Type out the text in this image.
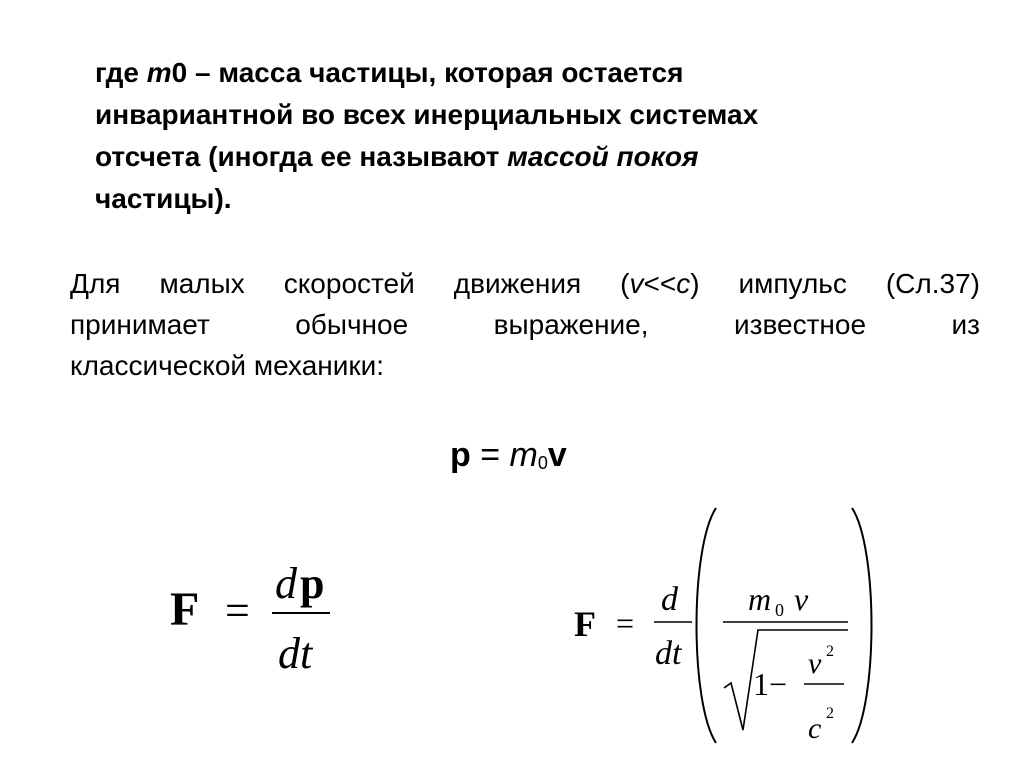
где m0 – масса частицы, которая остается
инвариантной во всех инерциальных системах
отсчета (иногда ее называют массой покоя
частицы).
Для малых скоростей движения (v<<c) импульс (Сл.37)
принимает обычное выражение, известное из
классической механики:
p = m0v
F =
d p
dt
F =
d
dt
m 0 v
1−
v 2
c 2
